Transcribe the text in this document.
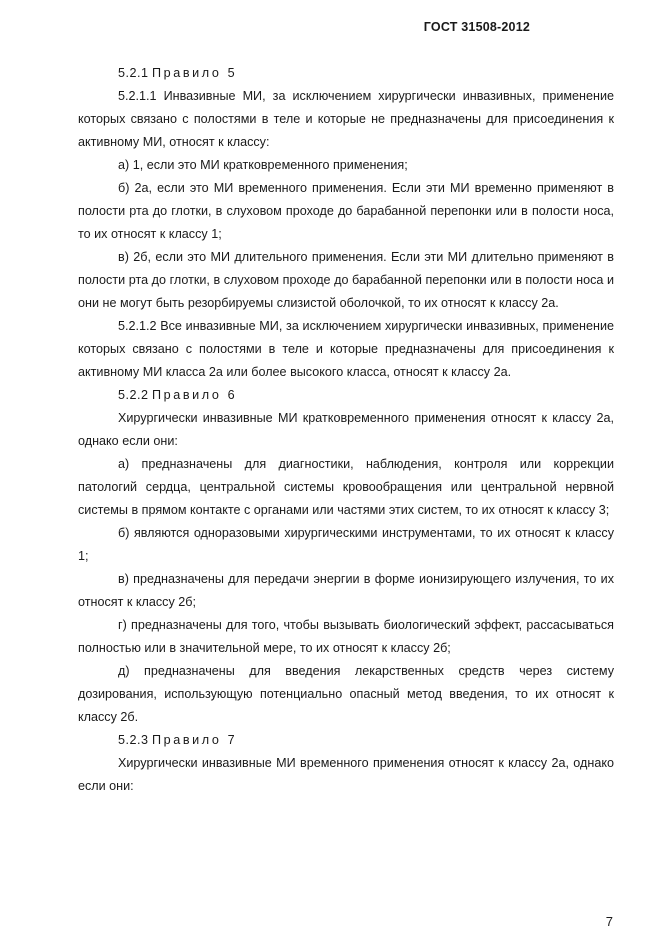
ГОСТ 31508-2012

5.2.1 Правило 5

5.2.1.1 Инвазивные МИ, за исключением хирургически инвазивных, применение которых связано с полостями в теле и которые не предназначены для присоединения к активному МИ, относят к классу:

а) 1, если это МИ кратковременного применения;

б) 2а, если это МИ временного применения. Если эти МИ временно применяют в полости рта до глотки, в слуховом проходе до барабанной перепонки или в полости носа, то их относят к классу 1;

в) 2б, если это МИ длительного применения. Если эти МИ длительно применяют в полости рта до глотки, в слуховом проходе до барабанной перепонки или в полости носа и они не могут быть резорбируемы слизистой оболочкой, то их относят к классу 2а.

5.2.1.2 Все инвазивные МИ, за исключением хирургически инвазивных, применение которых связано с полостями в теле и которые предназначены для присоединения к активному МИ класса 2а или более высокого класса, относят к классу 2а.

5.2.2 Правило 6

Хирургически инвазивные МИ кратковременного применения относят к классу 2а, однако если они:

а) предназначены для диагностики, наблюдения, контроля или коррекции патологий сердца, центральной системы кровообращения или центральной нервной системы в прямом контакте с органами или частями этих систем, то их относят к классу 3;

б) являются одноразовыми хирургическими инструментами, то их относят к классу 1;

в) предназначены для передачи энергии в форме ионизирующего излучения, то их относят к классу 2б;

г) предназначены для того, чтобы вызывать биологический эффект, рассасываться полностью или в значительной мере, то их относят к классу 2б;

д) предназначены для введения лекарственных средств через систему дозирования, использующую потенциально опасный метод введения, то их относят к классу 2б.

5.2.3 Правило 7

Хирургически инвазивные МИ временного применения относят к классу 2а, однако если они:

7
